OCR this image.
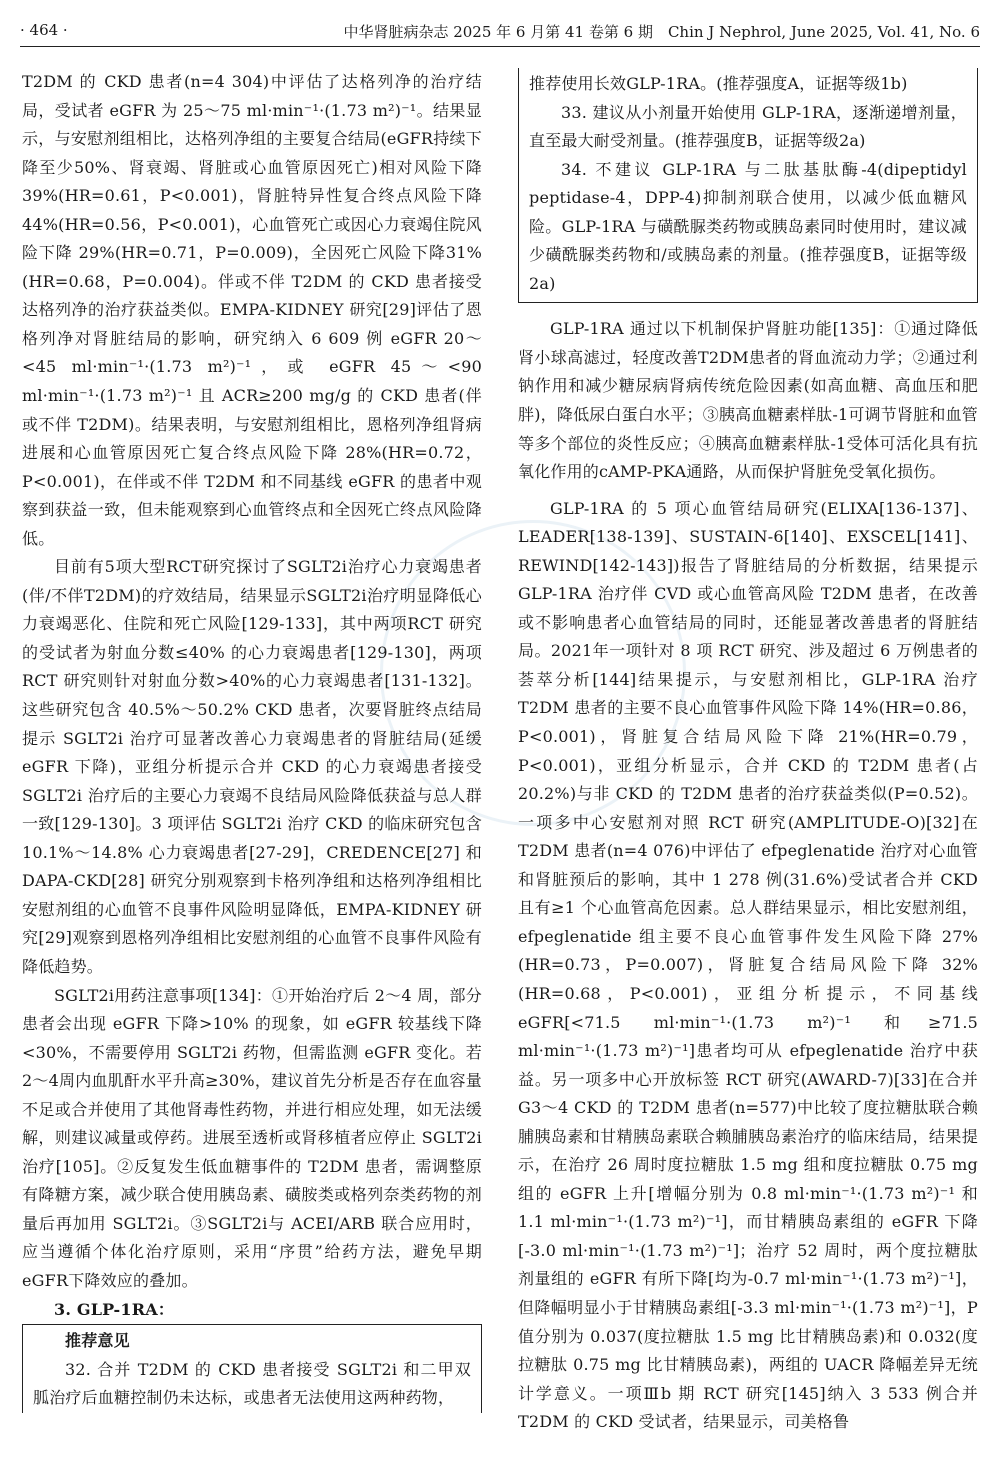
· 464 ·	中华肾脏病杂志 2025 年 6 月第 41 卷第 6 期　Chin J Nephrol, June 2025, Vol. 41, No. 6

T2DM 的 CKD 患者(n=4 304)中评估了达格列净的治疗结局，受试者 eGFR 为 25～75 ml·min⁻¹·(1.73 m²)⁻¹。结果显示，与安慰剂组相比，达格列净组的主要复合结局(eGFR持续下降至少50%、肾衰竭、肾脏或心血管原因死亡)相对风险下降39%(HR=0.61，P<0.001)，肾脏特异性复合终点风险下降44%(HR=0.56，P<0.001)，心血管死亡或因心力衰竭住院风险下降 29%(HR=0.71，P=0.009)，全因死亡风险下降31%(HR=0.68，P=0.004)。伴或不伴 T2DM 的 CKD 患者接受达格列净的治疗获益类似。EMPA-KIDNEY 研究[29]评估了恩格列净对肾脏结局的影响，研究纳入 6 609 例 eGFR 20～<45 ml·min⁻¹·(1.73 m²)⁻¹，或 eGFR 45～<90 ml·min⁻¹·(1.73 m²)⁻¹ 且 ACR≥200 mg/g 的 CKD 患者(伴或不伴 T2DM)。结果表明，与安慰剂组相比，恩格列净组肾病进展和心血管原因死亡复合终点风险下降 28%(HR=0.72，P<0.001)，在伴或不伴 T2DM 和不同基线 eGFR 的患者中观察到获益一致，但未能观察到心血管终点和全因死亡终点风险降低。

目前有5项大型RCT研究探讨了SGLT2i治疗心力衰竭患者(伴/不伴T2DM)的疗效结局，结果显示SGLT2i治疗明显降低心力衰竭恶化、住院和死亡风险[129-133]，其中两项RCT 研究的受试者为射血分数≤40% 的心力衰竭患者[129-130]，两项 RCT 研究则针对射血分数>40%的心力衰竭患者[131-132]。这些研究包含 40.5%～50.2% CKD 患者，次要肾脏终点结局提示 SGLT2i 治疗可显著改善心力衰竭患者的肾脏结局(延缓 eGFR 下降)，亚组分析提示合并 CKD 的心力衰竭患者接受 SGLT2i 治疗后的主要心力衰竭不良结局风险降低获益与总人群一致[129-130]。3 项评估 SGLT2i 治疗 CKD 的临床研究包含 10.1%～14.8% 心力衰竭患者[27-29]，CREDENCE[27] 和 DAPA-CKD[28] 研究分别观察到卡格列净组和达格列净组相比安慰剂组的心血管不良事件风险明显降低，EMPA-KIDNEY 研究[29]观察到恩格列净组相比安慰剂组的心血管不良事件风险有降低趋势。

SGLT2i用药注意事项[134]：①开始治疗后 2～4 周，部分患者会出现 eGFR 下降>10% 的现象，如 eGFR 较基线下降<30%，不需要停用 SGLT2i 药物，但需监测 eGFR 变化。若2～4周内血肌酐水平升高≥30%，建议首先分析是否存在血容量不足或合并使用了其他肾毒性药物，并进行相应处理，如无法缓解，则建议减量或停药。进展至透析或肾移植者应停止 SGLT2i 治疗[105]。②反复发生低血糖事件的 T2DM 患者，需调整原有降糖方案，减少联合使用胰岛素、磺胺类或格列奈类药物的剂量后再加用 SGLT2i。③SGLT2i与 ACEI/ARB 联合应用时，应当遵循个体化治疗原则，采用“序贯”给药方法，避免早期eGFR下降效应的叠加。

3. GLP-1RA：

推荐意见

32. 合并 T2DM 的 CKD 患者接受 SGLT2i 和二甲双胍治疗后血糖控制仍未达标，或患者无法使用这两种药物，

推荐使用长效GLP-1RA。(推荐强度A，证据等级1b)

33. 建议从小剂量开始使用 GLP-1RA，逐渐递增剂量，直至最大耐受剂量。(推荐强度B，证据等级2a)

34. 不建议 GLP-1RA 与二肽基肽酶-4(dipeptidyl peptidase-4，DPP-4)抑制剂联合使用，以减少低血糖风险。GLP-1RA 与磺酰脲类药物或胰岛素同时使用时，建议减少磺酰脲类药物和/或胰岛素的剂量。(推荐强度B，证据等级2a)

GLP-1RA 通过以下机制保护肾脏功能[135]：①通过降低肾小球高滤过，轻度改善T2DM患者的肾血流动力学；②通过利钠作用和减少糖尿病肾病传统危险因素(如高血糖、高血压和肥胖)，降低尿白蛋白水平；③胰高血糖素样肽-1可调节肾脏和血管等多个部位的炎性反应；④胰高血糖素样肽-1受体可活化具有抗氧化作用的cAMP-PKA通路，从而保护肾脏免受氧化损伤。

GLP-1RA 的 5 项心血管结局研究(ELIXA[136-137]、LEADER[138-139]、SUSTAIN-6[140]、EXSCEL[141]、REWIND[142-143])报告了肾脏结局的分析数据，结果提示 GLP-1RA 治疗伴 CVD 或心血管高风险 T2DM 患者，在改善或不影响患者心血管结局的同时，还能显著改善患者的肾脏结局。2021年一项针对 8 项 RCT 研究、涉及超过 6 万例患者的荟萃分析[144]结果提示，与安慰剂相比，GLP-1RA 治疗 T2DM 患者的主要不良心血管事件风险下降 14%(HR=0.86，P<0.001)，肾脏复合结局风险下降 21%(HR=0.79，P<0.001)，亚组分析显示，合并 CKD 的 T2DM 患者(占 20.2%)与非 CKD 的 T2DM 患者的治疗获益类似(P=0.52)。一项多中心安慰剂对照 RCT 研究(AMPLITUDE-O)[32]在 T2DM 患者(n=4 076)中评估了 efpeglenatide 治疗对心血管和肾脏预后的影响，其中 1 278 例(31.6%)受试者合并 CKD 且有≥1 个心血管高危因素。总人群结果显示，相比安慰剂组，efpeglenatide 组主要不良心血管事件发生风险下降 27%(HR=0.73，P=0.007)，肾脏复合结局风险下降 32%(HR=0.68，P<0.001)，亚组分析提示，不同基线 eGFR[<71.5 ml·min⁻¹·(1.73 m²)⁻¹ 和≥71.5 ml·min⁻¹·(1.73 m²)⁻¹]患者均可从 efpeglenatide 治疗中获益。另一项多中心开放标签 RCT 研究(AWARD-7)[33]在合并G3～4 CKD 的 T2DM 患者(n=577)中比较了度拉糖肽联合赖脯胰岛素和甘精胰岛素联合赖脯胰岛素治疗的临床结局，结果提示，在治疗 26 周时度拉糖肽 1.5 mg 组和度拉糖肽 0.75 mg 组的 eGFR 上升[增幅分别为 0.8 ml·min⁻¹·(1.73 m²)⁻¹ 和 1.1 ml·min⁻¹·(1.73 m²)⁻¹]，而甘精胰岛素组的 eGFR 下降[-3.0 ml·min⁻¹·(1.73 m²)⁻¹]；治疗 52 周时，两个度拉糖肽剂量组的 eGFR 有所下降[均为-0.7 ml·min⁻¹·(1.73 m²)⁻¹]，但降幅明显小于甘精胰岛素组[-3.3 ml·min⁻¹·(1.73 m²)⁻¹]，P 值分别为 0.037(度拉糖肽 1.5 mg 比甘精胰岛素)和 0.032(度拉糖肽 0.75 mg 比甘精胰岛素)，两组的 UACR 降幅差异无统计学意义。一项Ⅲb 期 RCT 研究[145]纳入 3 533 例合并 T2DM 的 CKD 受试者，结果显示，司美格鲁
